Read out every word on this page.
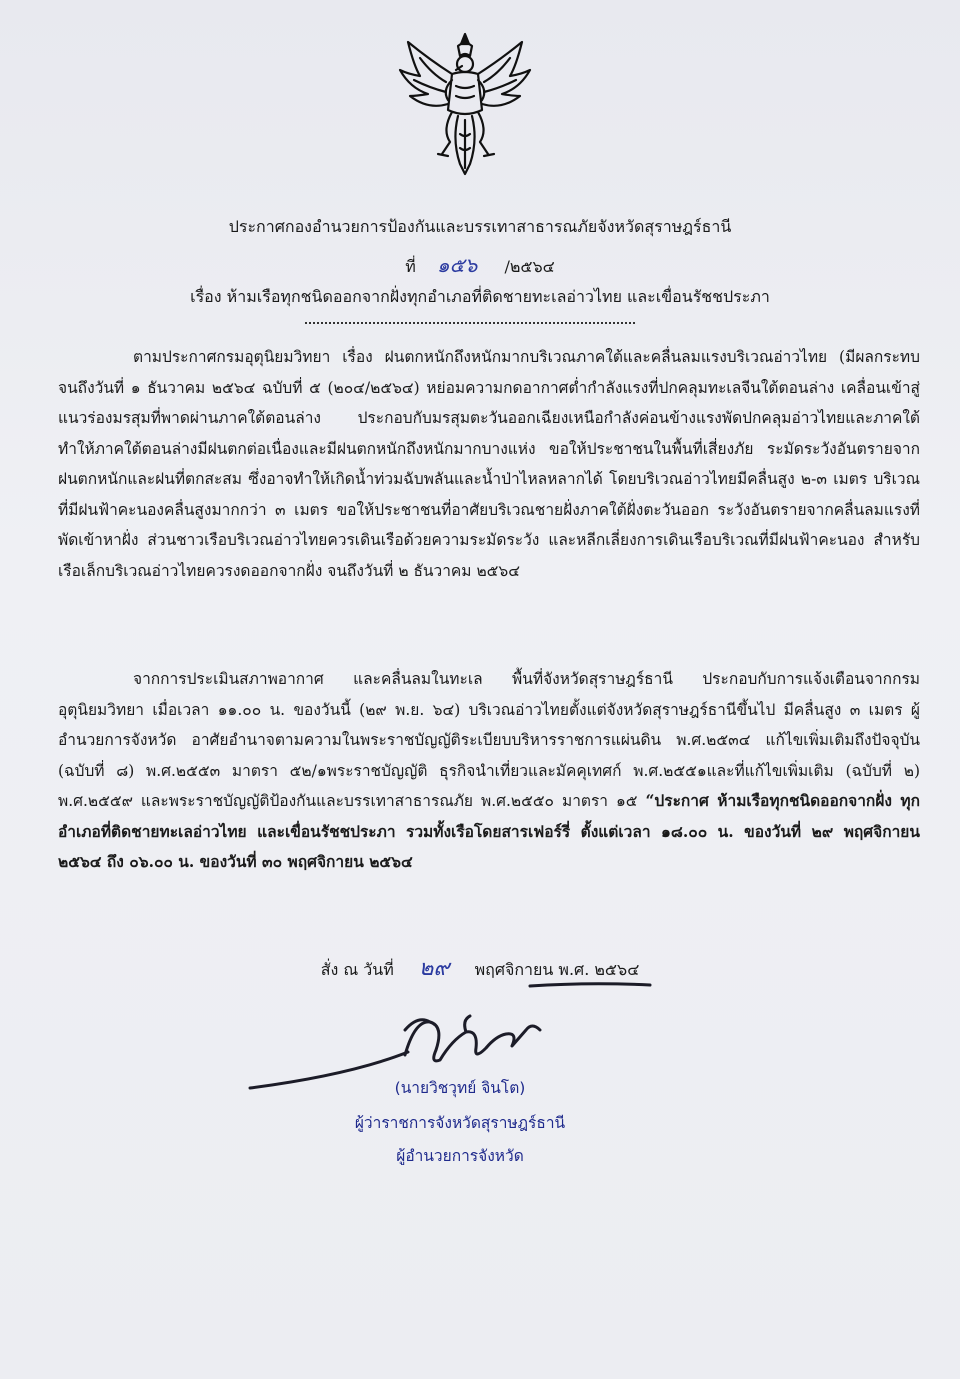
ประกาศกองอำนวยการป้องกันและบรรเทาสาธารณภัยจังหวัดสุราษฎร์ธานี
ที่ ๑๕๖ /๒๕๖๔
เรื่อง ห้ามเรือทุกชนิดออกจากฝั่งทุกอำเภอที่ติดชายทะเลอ่าวไทย และเขื่อนรัชชประภา

ตามประกาศกรมอุตุนิยมวิทยา เรื่อง ฝนตกหนักถึงหนักมากบริเวณภาคใต้และคลื่นลมแรงบริเวณอ่าวไทย (มีผลกระทบจนถึงวันที่ ๑ ธันวาคม ๒๕๖๔ ฉบับที่ ๕ (๒๐๔/๒๕๖๔) หย่อมความกดอากาศต่ำกำลังแรงที่ปกคลุมทะเลจีนใต้ตอนล่าง เคลื่อนเข้าสู่แนวร่องมรสุมที่พาดผ่านภาคใต้ตอนล่าง ประกอบกับมรสุมตะวันออกเฉียงเหนือกำลังค่อนข้างแรงพัดปกคลุมอ่าวไทยและภาคใต้ ทำให้ภาคใต้ตอนล่างมีฝนตกต่อเนื่องและมีฝนตกหนักถึงหนักมากบางแห่ง ขอให้ประชาชนในพื้นที่เสี่ยงภัย ระมัดระวังอันตรายจากฝนตกหนักและฝนที่ตกสะสม ซึ่งอาจทำให้เกิดน้ำท่วมฉับพลันและน้ำป่าไหลหลากได้ โดยบริเวณอ่าวไทยมีคลื่นสูง ๒-๓ เมตร บริเวณที่มีฝนฟ้าคะนองคลื่นสูงมากกว่า ๓ เมตร ขอให้ประชาชนที่อาศัยบริเวณชายฝั่งภาคใต้ฝั่งตะวันออก ระวังอันตรายจากคลื่นลมแรงที่พัดเข้าหาฝั่ง ส่วนชาวเรือบริเวณอ่าวไทยควรเดินเรือด้วยความระมัดระวัง และหลีกเลี่ยงการเดินเรือบริเวณที่มีฝนฟ้าคะนอง สำหรับเรือเล็กบริเวณอ่าวไทยควรงดออกจากฝั่ง จนถึงวันที่ ๒ ธันวาคม ๒๕๖๔

จากการประเมินสภาพอากาศ และคลื่นลมในทะเล พื้นที่จังหวัดสุราษฎร์ธานี ประกอบกับการแจ้งเตือนจากกรมอุตุนิยมวิทยา เมื่อเวลา ๑๑.๐๐ น. ของวันนี้ (๒๙ พ.ย. ๖๔) บริเวณอ่าวไทยตั้งแต่จังหวัดสุราษฎร์ธานีขึ้นไป มีคลื่นสูง ๓ เมตร ผู้อำนวยการจังหวัด อาศัยอำนาจตามความในพระราชบัญญัติระเบียบบริหารราชการแผ่นดิน พ.ศ.๒๕๓๔ แก้ไขเพิ่มเติมถึงปัจจุบัน (ฉบับที่ ๘) พ.ศ.๒๕๕๓ มาตรา ๕๒/๑พระราชบัญญัติ ธุรกิจนำเที่ยวและมัคคุเทศก์ พ.ศ.๒๕๕๑และที่แก้ไขเพิ่มเติม (ฉบับที่ ๒) พ.ศ.๒๕๕๙ และพระราชบัญญัติป้องกันและบรรเทาสาธารณภัย พ.ศ.๒๕๕๐ มาตรา ๑๕ “ประกาศ ห้ามเรือทุกชนิดออกจากฝั่ง ทุกอำเภอที่ติดชายทะเลอ่าวไทย และเขื่อนรัชชประภา รวมทั้งเรือโดยสารเฟอร์รี่ ตั้งแต่เวลา ๑๘.๐๐ น. ของวันที่ ๒๙ พฤศจิกายน ๒๕๖๔ ถึง ๐๖.๐๐ น. ของวันที่ ๓๐ พฤศจิกายน ๒๕๖๔

สั่ง ณ วันที่ ๒๙ พฤศจิกายน พ.ศ. ๒๕๖๔
(นายวิชวุทย์ จินโต)
ผู้ว่าราชการจังหวัดสุราษฎร์ธานี
ผู้อำนวยการจังหวัด
